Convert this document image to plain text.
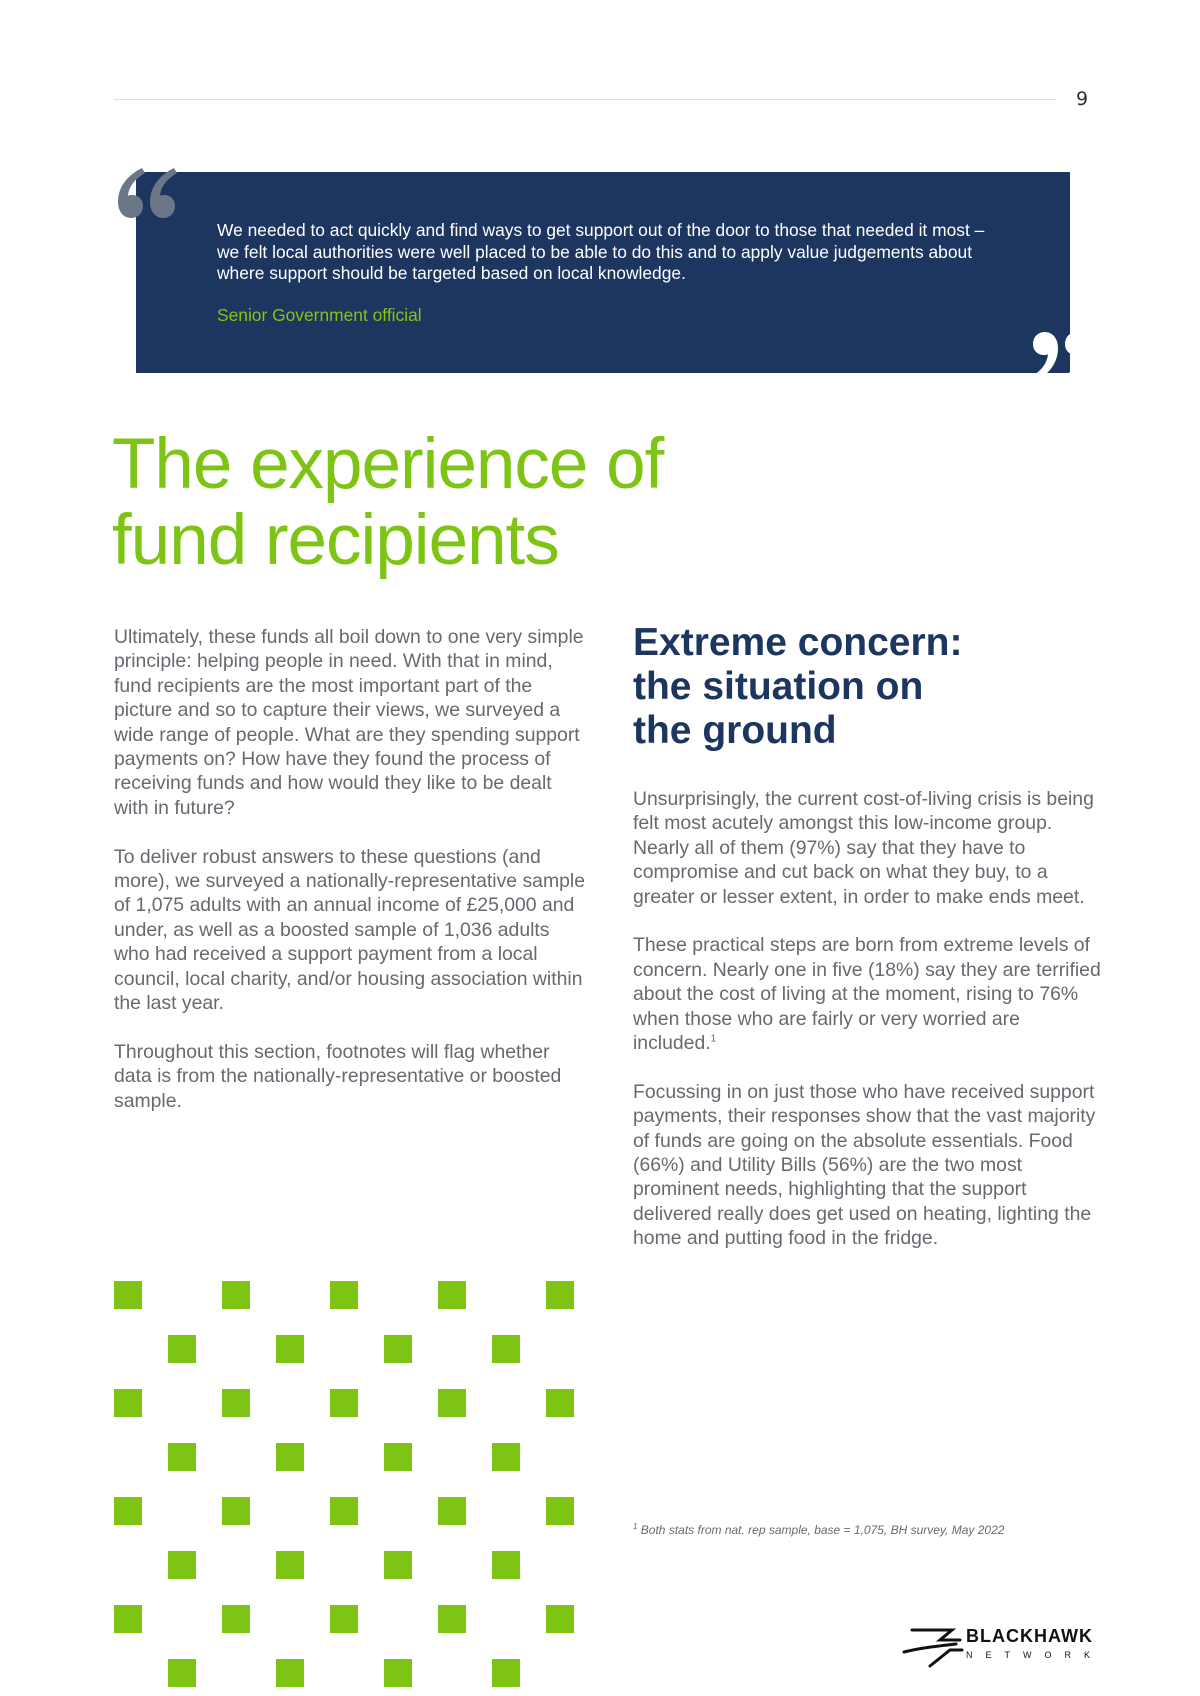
9
We needed to act quickly and find ways to get support out of the door to those that needed it most – we felt local authorities were well placed to be able to do this and to apply value judgements about where support should be targeted based on local knowledge.
Senior Government official
The experience of
fund recipients

Ultimately, these funds all boil down to one very simple principle: helping people in need. With that in mind, fund recipients are the most important part of the picture and so to capture their views, we surveyed a wide range of people. What are they spending support payments on? How have they found the process of receiving funds and how would they like to be dealt with in future?

To deliver robust answers to these questions (and more), we surveyed a nationally-representative sample of 1,075 adults with an annual income of £25,000 and under, as well as a boosted sample of 1,036 adults who had received a support payment from a local council, local charity, and/or housing association within the last year.

Throughout this section, footnotes will flag whether data is from the nationally-representative or boosted sample.

Extreme concern:
the situation on
the ground

Unsurprisingly, the current cost-of-living crisis is being felt most acutely amongst this low-income group. Nearly all of them (97%) say that they have to compromise and cut back on what they buy, to a greater or lesser extent, in order to make ends meet.

These practical steps are born from extreme levels of concern. Nearly one in five (18%) say they are terrified about the cost of living at the moment, rising to 76% when those who are fairly or very worried are included.$^1$

Focussing in on just those who have received support payments, their responses show that the vast majority of funds are going on the absolute essentials. Food (66%) and Utility Bills (56%) are the two most prominent needs, highlighting that the support delivered really does get used on heating, lighting the home and putting food in the fridge.

$^1$ Both stats from nat. rep sample, base = 1,075, BH survey, May 2022
BLACKHAWK
NETWORK
